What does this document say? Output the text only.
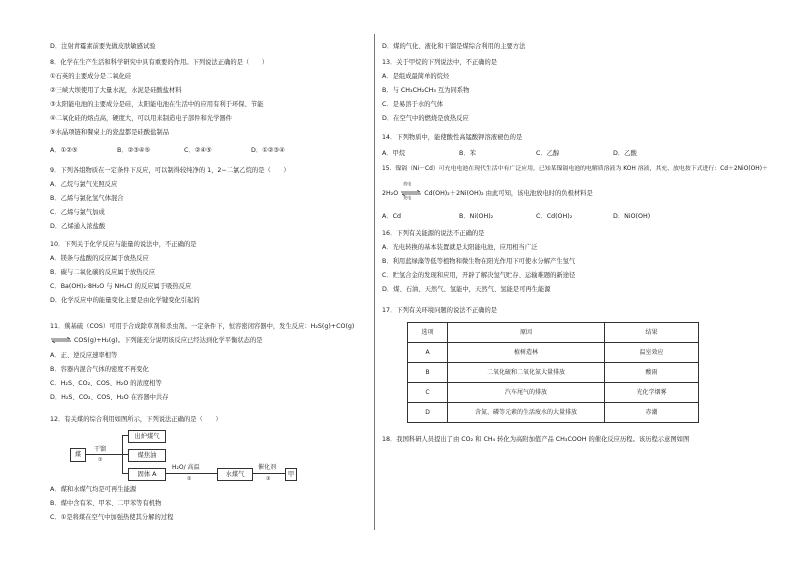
D．注射青霉素前要先做皮肤敏感试验
8．化学在生产生活和科学研究中具有重要的作用。下列说法正确的是（　　）
①石英的主要成分是二氧化硅
②三峡大坝使用了大量水泥，水泥是硅酸盐材料
③太阳能电池的主要成分是硅，太阳能电池在生活中的应用有利于环保、节能
④二氧化硅的熔点高，硬度大，可以用来制造电子部件和光学器件
⑤水晶项链和餐桌上的瓷盘都是硅酸盐制品
A．①②⑤	B．②③④⑤	C．②④⑤	D．①②③④
9．下列各组物质在一定条件下反应，可以制得较纯净的 1，2−二氯乙烷的是（　　）
A．乙烷与氯气光照反应
B．乙烯与氯化氢气体混合
C．乙烯与氯气加成
D．乙烯通入浓盐酸
10．下列关于化学反应与能量的说法中，不正确的是
A．镁条与盐酸的反应属于放热反应
B．碳与二氧化碳的反应属于放热反应
C．Ba(OH)₂·8H₂O 与 NH₄Cl 的反应属于吸热反应
D．化学反应中的能量变化主要是由化学键变化引起的
11．羰基硫（COS）可用于合成除草剂和杀虫剂。一定条件下，恒容密闭容器中，发生反应：H₂S(g)+CO(g)
⇌ COS(g)+H₂(g)。下列能充分说明该反应已经达到化学平衡状态的是
A．正、逆反应速率相等
B．容器内混合气体的密度不再变化
C．H₂S、CO₂、COS、H₂O 的浓度相等
D．H₂S、CO₂、COS、H₂O 在容器中共存
12．有关煤的综合利用如图所示，下列说法正确的是（　　）
煤
干馏
①
出炉煤气
煤焦油
固体 A
H₂O/ 高温
②
水煤气
催化剂
③
甲
A．煤和水煤气均是可再生能源
B．煤中含有苯、甲苯、二甲苯等有机物
C．①是将煤在空气中加强热使其分解的过程
D．煤的气化、液化和干馏是煤综合利用的主要方法
13．关于甲烷的下列说法中，不正确的是
A．是组成最简单的烷烃
B．与 CH₃CH₂CH₃ 互为同系物
C．是易溶于水的气体
D．在空气中的燃烧是放热反应
14．下列物质中，能使酸性高锰酸钾溶液褪色的是
A．甲烷	B．苯	C．乙醇	D．乙酸
15．镍镉（Ni－Cd）可充电电池在现代生活中有广泛应用，已知某镍镉电池的电解质溶液为 KOH 溶液，其充、放电按下式进行：Cd＋2NiO(OH)＋
2H₂O
放电
充电
Cd(OH)₂＋2Ni(OH)₂ 由此可知，该电池放电时的负极材料是
A．Cd	B．Ni(OH)₂	C．Cd(OH)₂	D．NiO(OH)
16．下列有关能源的说法不正确的是
A．光电转换的基本装置就是太阳能电池，应用相当广泛
B．利用蓝绿藻等低等植物和微生物在阳光作用下可使水分解产生氢气
C．贮氢合金的发现和应用，开辟了解决氢气贮存、运输难题的新途径
D．煤、石油、天然气、氢能中，天然气、氢能是可再生能源
17．下列有关环境问题的说法不正确的是
选项	原因	结果
A	植树造林	温室效应
B	二氧化硫和二氧化氮大量排放	酸雨
C	汽车尾气的排放	光化学烟雾
D	含氮、磷等元素的生活废水的大量排放	赤潮
18．我国科研人员提出了由 CO₂ 和 CH₄ 转化为高附加值产品 CH₃COOH 的催化反应历程。该历程示意图如图
